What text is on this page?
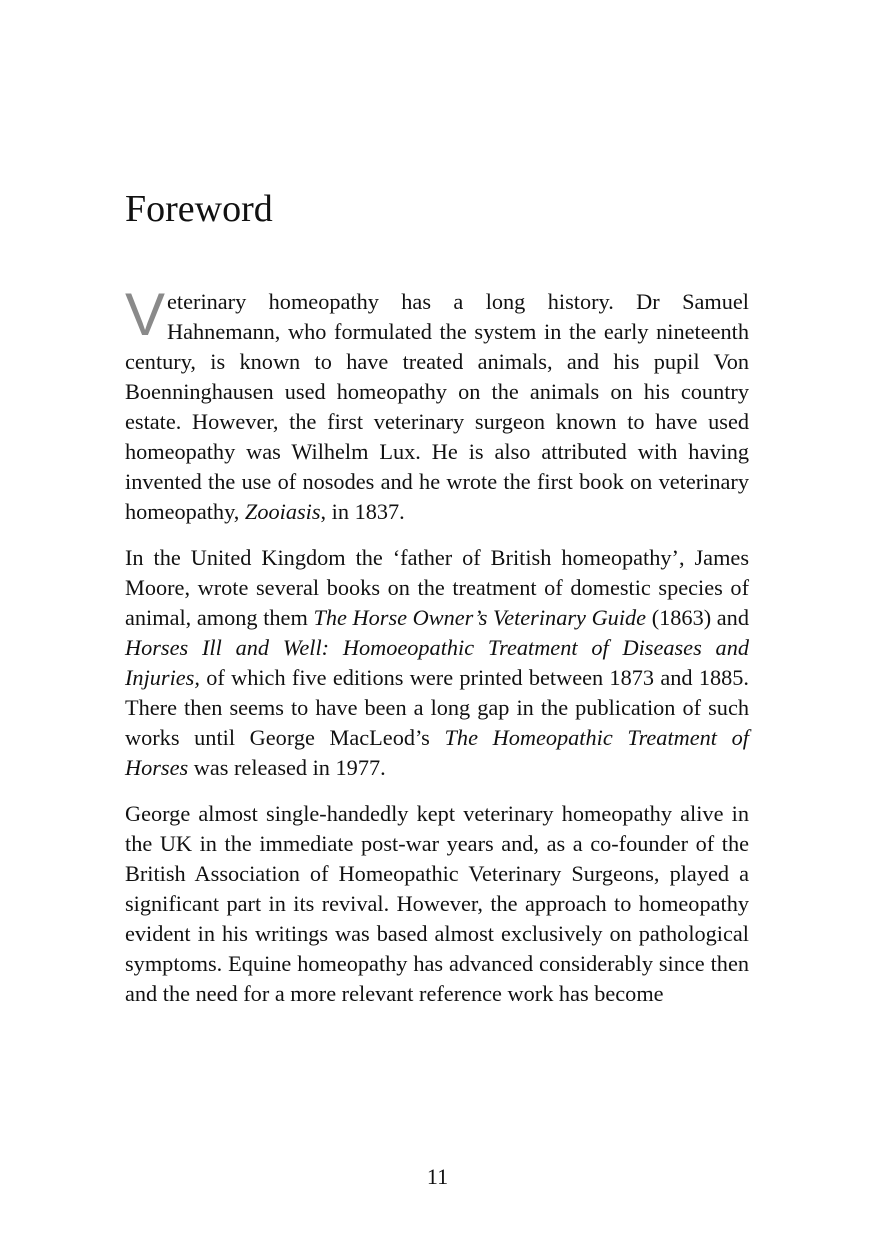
Foreword

Veterinary homeopathy has a long history. Dr Samuel Hahnemann, who formulated the system in the early nineteenth century, is known to have treated animals, and his pupil Von Boenninghausen used homeopathy on the animals on his country estate. However, the first veterinary surgeon known to have used homeopathy was Wilhelm Lux. He is also attributed with having invented the use of nosodes and he wrote the first book on veterinary homeopathy, Zooiasis, in 1837.

In the United Kingdom the ‘father of British homeopathy’, James Moore, wrote several books on the treatment of domestic species of animal, among them The Horse Owner’s Veterinary Guide (1863) and Horses Ill and Well: Homoeopathic Treatment of Diseases and Injuries, of which five editions were printed between 1873 and 1885. There then seems to have been a long gap in the publication of such works until George MacLeod’s The Homeopathic Treatment of Horses was released in 1977.

George almost single-handedly kept veterinary homeopathy alive in the UK in the immediate post-war years and, as a co-founder of the British Association of Homeopathic Veterinary Surgeons, played a significant part in its revival. However, the approach to homeopathy evident in his writings was based almost exclusively on pathological symptoms. Equine homeopathy has advanced considerably since then and the need for a more relevant reference work has become

11
